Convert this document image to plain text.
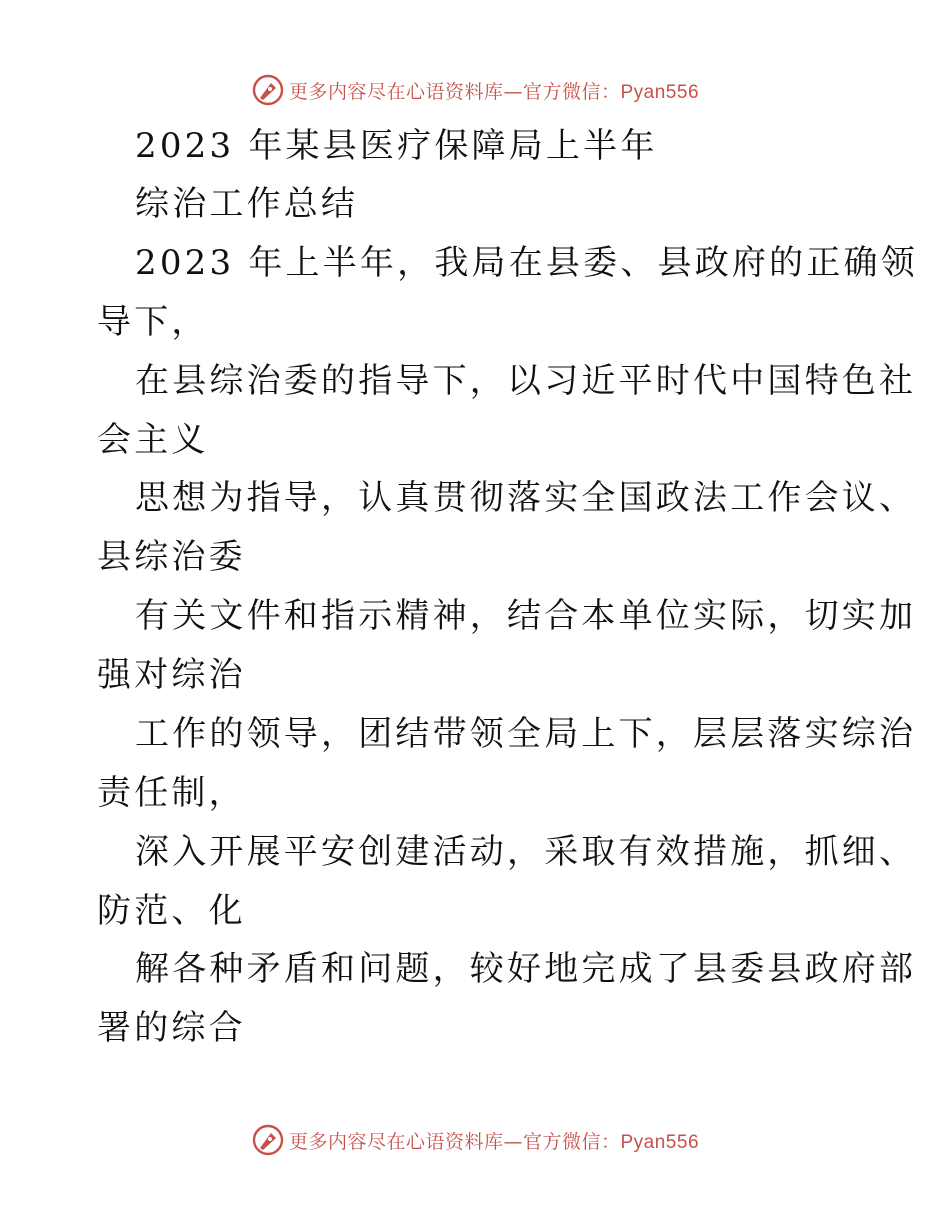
更多内容尽在心语资料库—官方微信：Pyan556
2023 年某县医疗保障局上半年
综治工作总结
2023 年上半年，我局在县委、县政府的正确领
导下，
在县综治委的指导下，以习近平时代中国特色社
会主义
思想为指导，认真贯彻落实全国政法工作会议、
县综治委
有关文件和指示精神，结合本单位实际，切实加
强对综治
工作的领导，团结带领全局上下，层层落实综治
责任制，
深入开展平安创建活动，采取有效措施，抓细、
防范、化
解各种矛盾和问题，较好地完成了县委县政府部
署的综合
更多内容尽在心语资料库—官方微信：Pyan556
